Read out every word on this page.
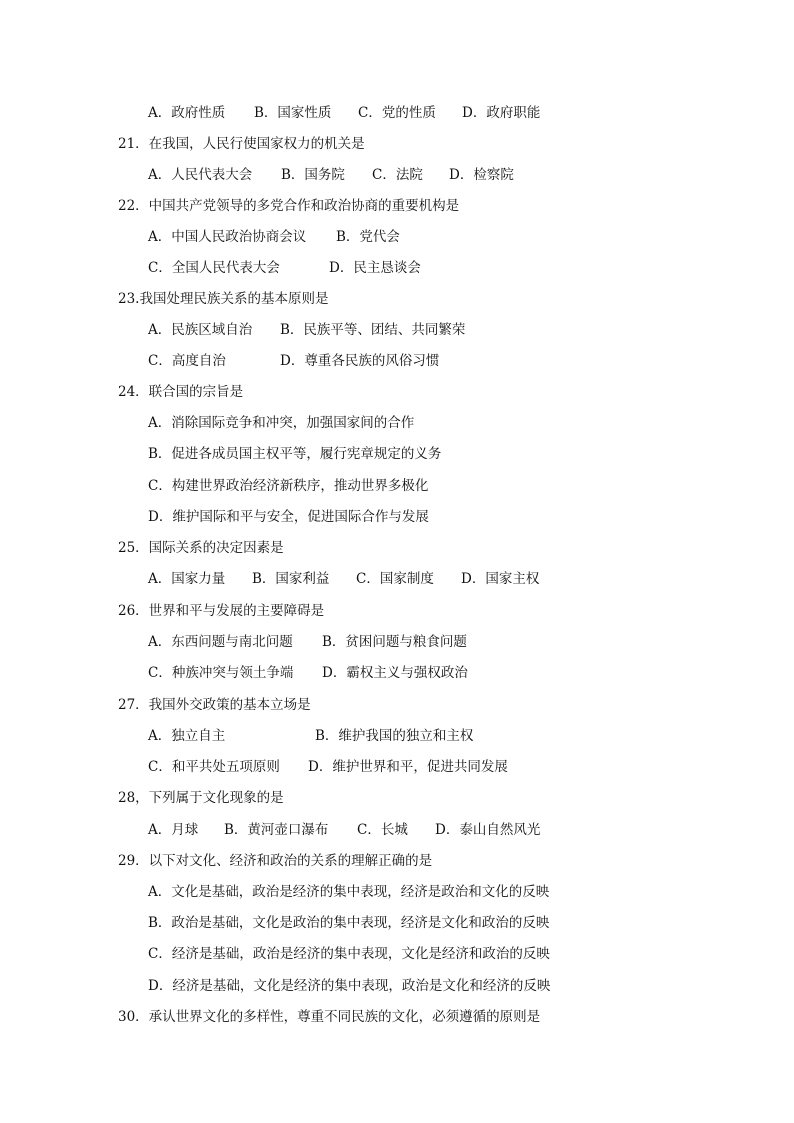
A．政府性质 B．国家性质 C．党的性质 D．政府职能
21．在我国，人民行使国家权力的机关是
A．人民代表大会 B．国务院 C．法院 D．检察院
22．中国共产党领导的多党合作和政治协商的重要机构是
A．中国人民政治协商会议 B．党代会
C．全国人民代表大会	D．民主恳谈会
23.我国处理民族关系的基本原则是
A．民族区域自治 B．民族平等、团结、共同繁荣
C．高度自治	D．尊重各民族的风俗习惯
24．联合国的宗旨是
A．消除国际竞争和冲突，加强国家间的合作
B．促进各成员国主权平等，履行宪章规定的义务
C．构建世界政治经济新秩序，推动世界多极化
D．维护国际和平与安全，促进国际合作与发展
25．国际关系的决定因素是
A．国家力量 B．国家利益 C．国家制度 D．国家主权
26．世界和平与发展的主要障碍是
A．东西问题与南北问题 B．贫困问题与粮食问题
C．种族冲突与领土争端 D．霸权主义与强权政治
27．我国外交政策的基本立场是
A．独立自主	B．维护我国的独立和主权
C．和平共处五项原则 D．维护世界和平，促进共同发展
28，下列属于文化现象的是
A．月球 B．黄河壶口瀑布 C．长城 D．泰山自然风光
29．以下对文化、经济和政治的关系的理解正确的是
A．文化是基础，政治是经济的集中表现，经济是政治和文化的反映
B．政治是基础，文化是政治的集中表现，经济是文化和政治的反映
C．经济是基础，政治是经济的集中表现，文化是经济和政治的反映
D．经济是基础，文化是经济的集中表现，政治是文化和经济的反映
30．承认世界文化的多样性，尊重不同民族的文化，必须遵循的原则是
